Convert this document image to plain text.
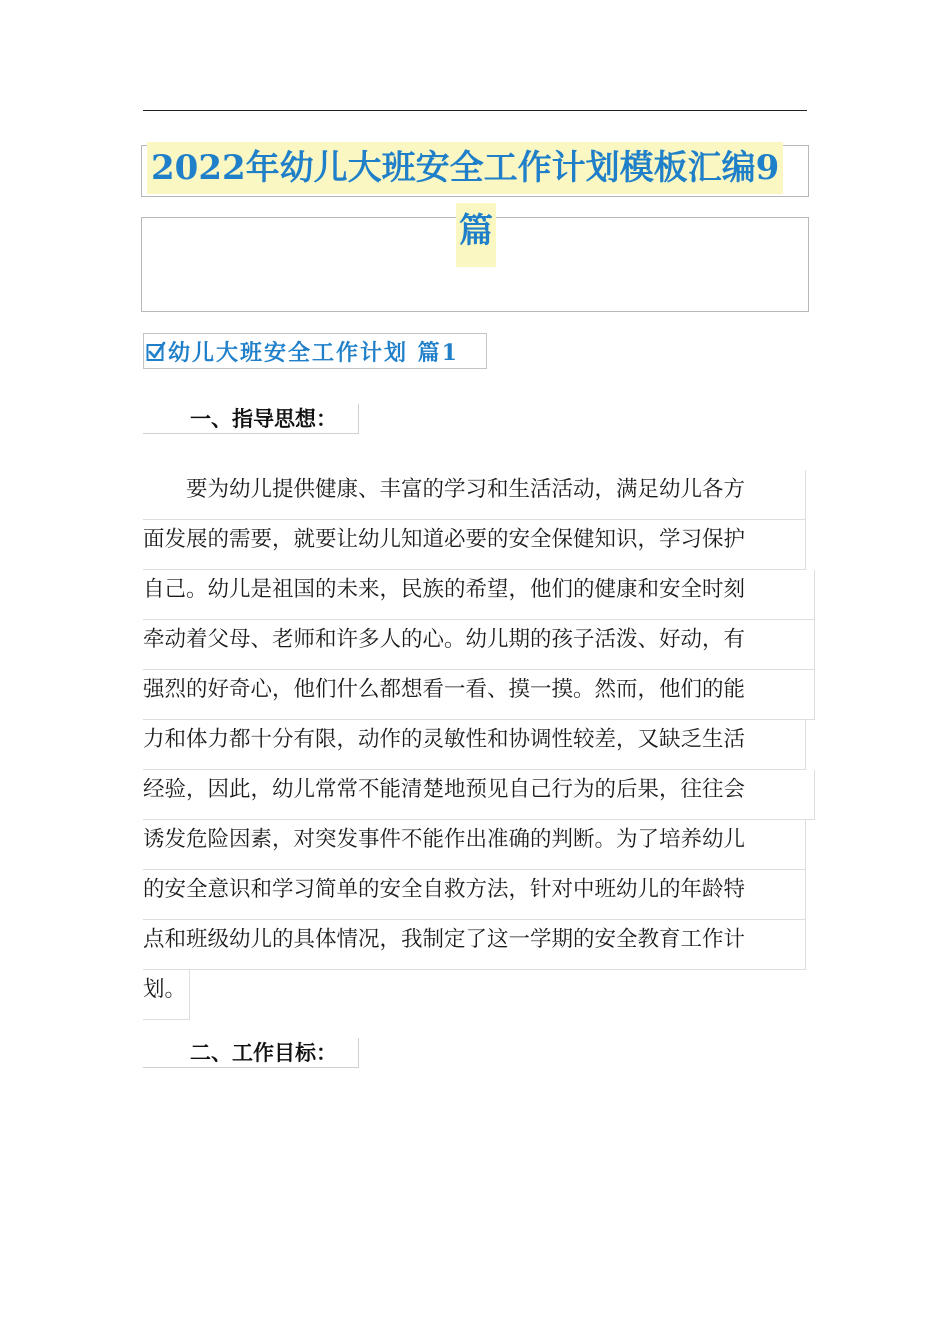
2022年幼儿大班安全工作计划模板汇编9
篇
幼儿大班安全工作计划 篇1
一、指导思想：
　　要为幼儿提供健康、丰富的学习和生活活动，满足幼儿各方
面发展的需要，就要让幼儿知道必要的安全保健知识，学习保护
自己。幼儿是祖国的未来，民族的希望，他们的健康和安全时刻
牵动着父母、老师和许多人的心。幼儿期的孩子活泼、好动，有
强烈的好奇心，他们什么都想看一看、摸一摸。然而，他们的能
力和体力都十分有限，动作的灵敏性和协调性较差，又缺乏生活
经验，因此，幼儿常常不能清楚地预见自己行为的后果，往往会
诱发危险因素，对突发事件不能作出准确的判断。为了培养幼儿
的安全意识和学习简单的安全自救方法，针对中班幼儿的年龄特
点和班级幼儿的具体情况，我制定了这一学期的安全教育工作计
划。
二、工作目标：
